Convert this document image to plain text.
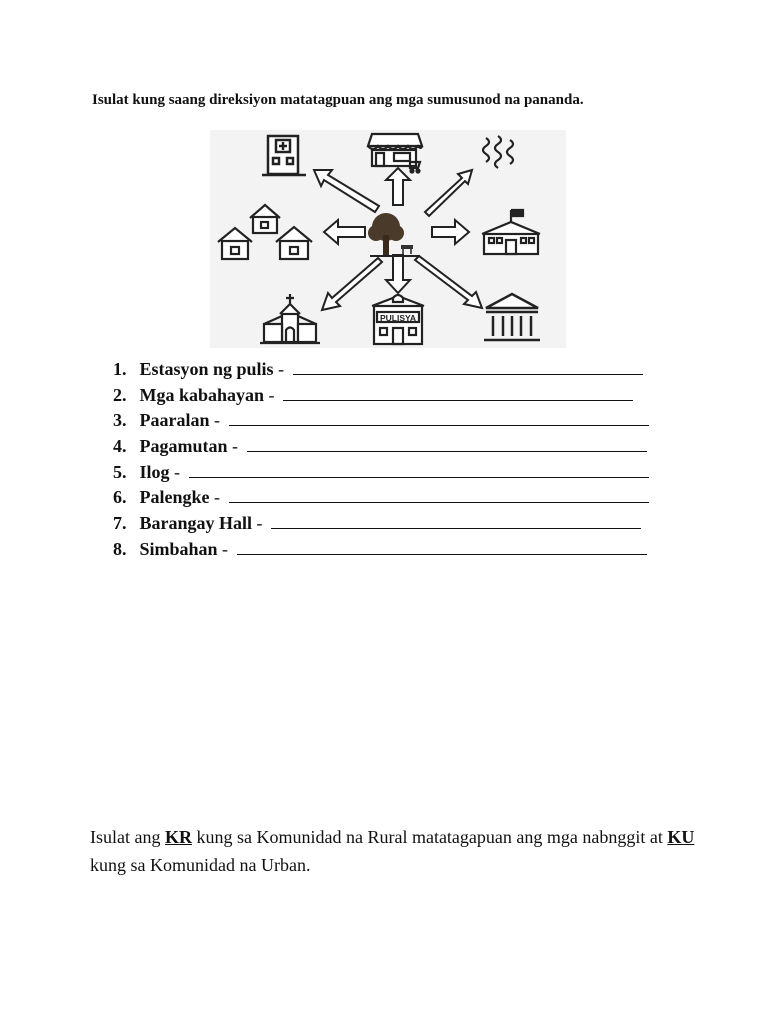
Isulat kung saang direksiyon matatagpuan ang mga sumusunod na pananda.
PULISYA
1. Estasyon ng pulis -
2. Mga kabahayan -
3. Paaralan -
4. Pagamutan -
5. Ilog -
6. Palengke -
7. Barangay Hall -
8. Simbahan -
Isulat ang KR kung sa Komunidad na Rural matatagapuan ang mga nabnggit at KU kung sa Komunidad na Urban.
